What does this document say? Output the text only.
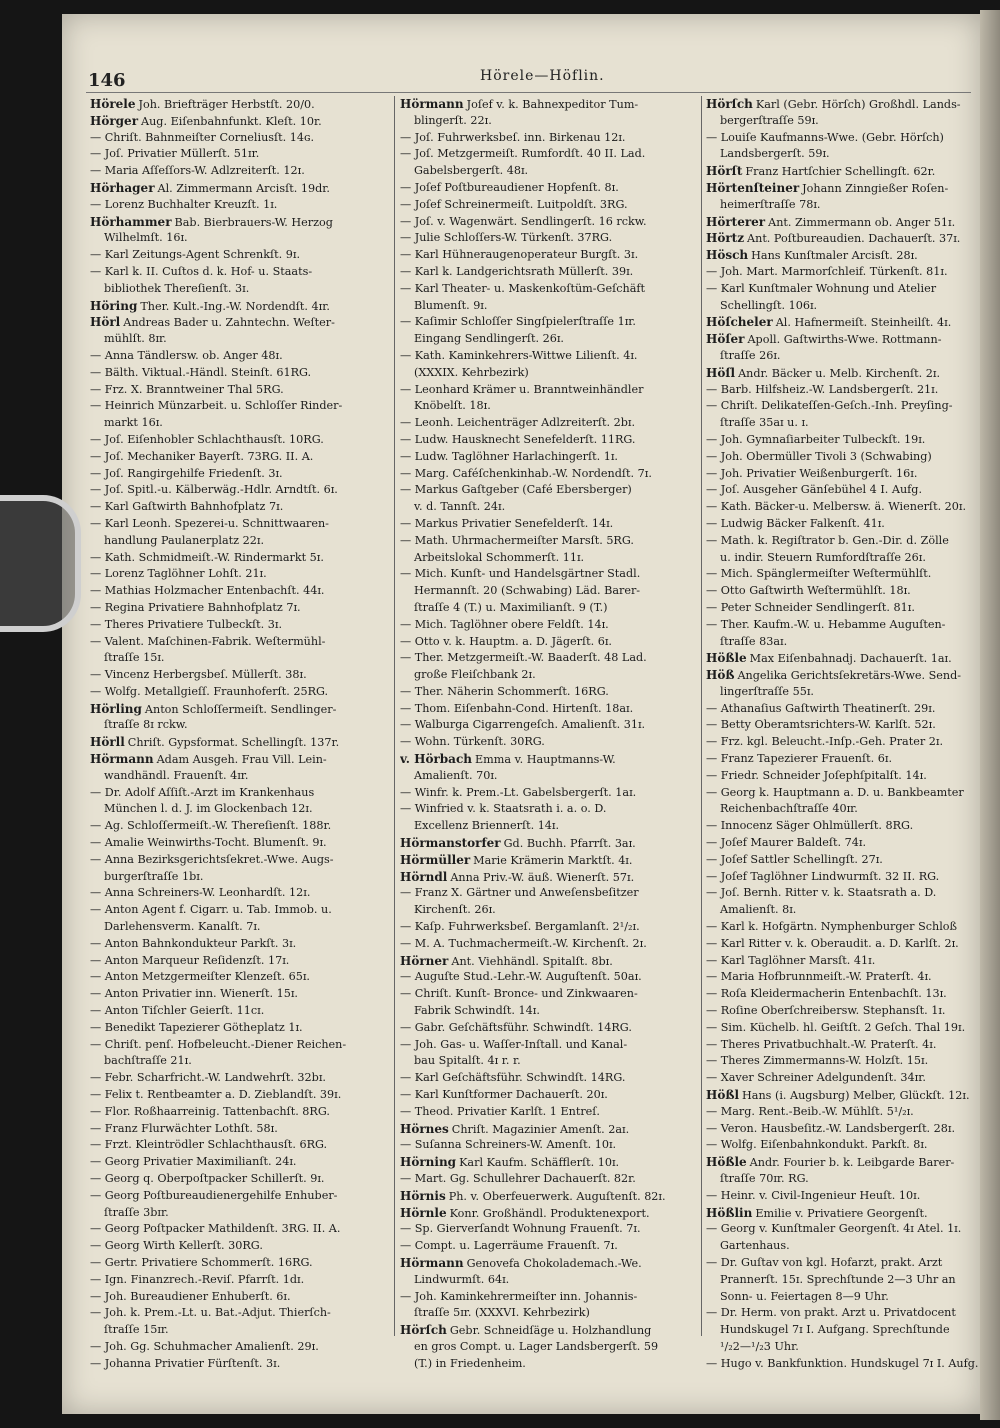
146	Hörele—Höflin.
Hörele Joh. Briefträger Herbstſt. 20/0.
Hörger Aug. Eiſenbahnfunkt. Kleſt. 10r.
— Chriſt. Bahnmeiſter Corneliusſt. 14ɢ.
— Joſ. Privatier Müllerſt. 51ɪr.
— Maria Aſſeſſors-W. Adlzreiterſt. 12ɪ.
Hörhager Al. Zimmermann Arcisſt. 19dr.
— Lorenz Buchhalter Kreuzſt. 1ɪ.
Hörhammer Bab. Bierbrauers-W. Herzog
Wilhelmſt. 16ɪ.
— Karl Zeitungs-Agent Schrenkſt. 9ɪ.
— Karl k. II. Cuſtos d. k. Hof- u. Staats-
bibliothek Thereſienſt. 3ɪ.
Höring Ther. Kult.-Ing.-W. Nordendſt. 4ɪr.
Hörl Andreas Bader u. Zahntechn. Weſter-
mühlſt. 8ɪr.
— Anna Tändlersw. ob. Anger 48ɪ.
— Bälth. Viktual.-Händl. Steinſt. 61RG.
— Frz. X. Branntweiner Thal 5RG.
— Heinrich Münzarbeit. u. Schloſſer Rinder-
markt 16ɪ.
— Joſ. Eiſenhobler Schlachthausſt. 10RG.
— Joſ. Mechaniker Bayerſt. 73RG. II. A.
— Joſ. Rangirgehilfe Friedenſt. 3ɪ.
— Joſ. Spitl.-u. Kälberwäg.-Hdlr. Arndtſt. 6ɪ.
— Karl Gaſtwirth Bahnhofplatz 7ɪ.
— Karl Leonh. Spezerei-u. Schnittwaaren-
handlung Paulanerplatz 22ɪ.
— Kath. Schmidmeiſt.-W. Rindermarkt 5ɪ.
— Lorenz Taglöhner Lohſt. 21ɪ.
— Mathias Holzmacher Entenbachſt. 44ɪ.
— Regina Privatiere Bahnhofplatz 7ɪ.
— Theres Privatiere Tulbeckſt. 3ɪ.
— Valent. Maſchinen-Fabrik. Weſtermühl-
ſtraſſe 15ɪ.
— Vincenz Herbergsbeſ. Müllerſt. 38ɪ.
— Wolfg. Metallgieſſ. Fraunhoferſt. 25RG.
Hörling Anton Schloſſermeiſt. Sendlinger-
ſtraſſe 8ɪ rckw.
Hörll Chriſt. Gypsformat. Schellingſt. 137r.
Hörmann Adam Ausgeh. Frau Vill. Lein-
wandhändl. Frauenſt. 4ɪr.
— Dr. Adolf Aſſiſt.-Arzt im Krankenhaus
München l. d. J. im Glockenbach 12ɪ.
— Ag. Schloſſermeiſt.-W. Thereſienſt. 188r.
— Amalie Weinwirths-Tocht. Blumenſt. 9ɪ.
— Anna Bezirksgerichtsſekret.-Wwe. Augs-
burgerſtraſſe 1bɪ.
— Anna Schreiners-W. Leonhardſt. 12ɪ.
— Anton Agent f. Cigarr. u. Tab. Immob. u.
Darlehensverm. Kanalſt. 7ɪ.
— Anton Bahnkondukteur Parkſt. 3ɪ.
— Anton Marqueur Reſidenzſt. 17ɪ.
— Anton Metzgermeiſter Klenzeſt. 65ɪ.
— Anton Privatier inn. Wienerſt. 15ɪ.
— Anton Tiſchler Geierſt. 11cɪ.
— Benedikt Tapezierer Götheplatz 1ɪ.
— Chriſt. penſ. Hofbeleucht.-Diener Reichen-
bachſtraſſe 21ɪ.
— Febr. Scharfricht.-W. Landwehrſt. 32bɪ.
— Felix t. Rentbeamter a. D. Zieblandſt. 39ɪ.
— Flor. Roßhaarreinig. Tattenbachſt. 8RG.
— Franz Flurwächter Lothſt. 58ɪ.
— Frzt. Kleintrödler Schlachthausſt. 6RG.
— Georg Privatier Maximilianſt. 24ɪ.
— Georg q. Oberpoſtpacker Schillerſt. 9ɪ.
— Georg Poſtbureaudienergehilfe Enhuber-
ſtraſſe 3bɪr.
— Georg Poſtpacker Mathildenſt. 3RG. II. A.
— Georg Wirth Kellerſt. 30RG.
— Gertr. Privatiere Schommerſt. 16RG.
— Ign. Finanzrech.-Reviſ. Pfarrſt. 1dɪ.
— Joh. Bureaudiener Enhuberſt. 6ɪ.
— Joh. k. Prem.-Lt. u. Bat.-Adjut. Thierſch-
ſtraſſe 15ɪr.
— Joh. Gg. Schuhmacher Amalienſt. 29ɪ.
— Johanna Privatier Fürſtenſt. 3ɪ.
Hörmann Joſef v. k. Bahnexpeditor Tum-
blingerſt. 22ɪ.
— Joſ. Fuhrwerksbeſ. inn. Birkenau 12ɪ.
— Joſ. Metzgermeiſt. Rumfordſt. 40 II. Lad.
Gabelsbergerſt. 48ɪ.
— Joſef Poſtbureaudiener Hopfenſt. 8ɪ.
— Joſef Schreinermeiſt. Luitpoldſt. 3RG.
— Joſ. v. Wagenwärt. Sendlingerſt. 16 rckw.
— Julie Schloſſers-W. Türkenſt. 37RG.
— Karl Hühneraugenoperateur Burgſt. 3ɪ.
— Karl k. Landgerichtsrath Müllerſt. 39ɪ.
— Karl Theater- u. Maskenkoſtüm-Geſchäft
Blumenſt. 9ɪ.
— Kaſimir Schloſſer Singſpielerſtraſſe 1ɪr.
Eingang Sendlingerſt. 26ɪ.
— Kath. Kaminkehrers-Wittwe Lilienſt. 4ɪ.
(XXXIX. Kehrbezirk)
— Leonhard Krämer u. Branntweinhändler
Knöbelſt. 18ɪ.
— Leonh. Leichenträger Adlzreiterſt. 2bɪ.
— Ludw. Hausknecht Senefelderſt. 11RG.
— Ludw. Taglöhner Harlachingerſt. 1ɪ.
— Marg. Caféſchenkinhab.-W. Nordendſt. 7ɪ.
— Markus Gaſtgeber (Café Ebersberger)
v. d. Tannſt. 24ɪ.
— Markus Privatier Senefelderſt. 14ɪ.
— Math. Uhrmachermeiſter Marsſt. 5RG.
Arbeitslokal Schommerſt. 11ɪ.
— Mich. Kunſt- und Handelsgärtner Stadl.
Hermannſt. 20 (Schwabing) Läd. Barer-
ſtraſſe 4 (T.) u. Maximilianſt. 9 (T.)
— Mich. Taglöhner obere Feldſt. 14ɪ.
— Otto v. k. Hauptm. a. D. Jägerſt. 6ɪ.
— Ther. Metzgermeiſt.-W. Baaderſt. 48 Lad.
große Fleiſchbank 2ɪ.
— Ther. Näherin Schommerſt. 16RG.
— Thom. Eiſenbahn-Cond. Hirtenſt. 18aɪ.
— Walburga Cigarrengeſch. Amalienſt. 31ɪ.
— Wohn. Türkenſt. 30RG.
v. Hörbach Emma v. Hauptmanns-W.
Amalienſt. 70ɪ.
— Winfr. k. Prem.-Lt. Gabelsbergerſt. 1aɪ.
— Winfried v. k. Staatsrath i. a. o. D.
Excellenz Briennerſt. 14ɪ.
Hörmanstorfer Gd. Buchh. Pfarrſt. 3aɪ.
Hörmüller Marie Krämerin Marktſt. 4ɪ.
Hörndl Anna Priv.-W. äuß. Wienerſt. 57ɪ.
— Franz X. Gärtner und Anweſensbeſitzer
Kirchenſt. 26ɪ.
— Kaſp. Fuhrwerksbeſ. Bergamlanſt. 2¹/₂ɪ.
— M. A. Tuchmachermeiſt.-W. Kirchenſt. 2ɪ.
Hörner Ant. Viehhändl. Spitalſt. 8bɪ.
— Auguſte Stud.-Lehr.-W. Auguſtenſt. 50aɪ.
— Chriſt. Kunſt- Bronce- und Zinkwaaren-
Fabrik Schwindſt. 14ɪ.
— Gabr. Geſchäftsführ. Schwindſt. 14RG.
— Joh. Gas- u. Waſſer-Inſtall. und Kanal-
bau Spitalſt. 4ɪ r. r.
— Karl Geſchäftsführ. Schwindſt. 14RG.
— Karl Kunſtformer Dachauerſt. 20ɪ.
— Theod. Privatier Karlſt. 1 Entreſ.
Hörnes Chriſt. Magazinier Amenſt. 2aɪ.
— Suſanna Schreiners-W. Amenſt. 10ɪ.
Hörning Karl Kaufm. Schäfflerſt. 10ɪ.
— Mart. Gg. Schullehrer Dachauerſt. 82r.
Hörnis Ph. v. Oberfeuerwerk. Auguſtenſt. 82ɪ.
Hörnle Konr. Großhändl. Produktenexport.
— Sp. Gierverſandt Wohnung Frauenſt. 7ɪ.
— Compt. u. Lagerräume Frauenſt. 7ɪ.
Hörmann Genovefa Chokolademach.-We.
Lindwurmſt. 64ɪ.
— Joh. Kaminkehrermeiſter inn. Johannis-
ſtraſſe 5ɪr. (XXXVI. Kehrbezirk)
Hörſch Gebr. Schneidſäge u. Holzhandlung
en gros Compt. u. Lager Landsbergerſt. 59
(T.) in Friedenheim.
Hörſch Karl (Gebr. Hörſch) Großhdl. Lands-
bergerſtraſſe 59ɪ.
— Louiſe Kaufmanns-Wwe. (Gebr. Hörſch)
Landsbergerſt. 59ɪ.
Hörſt Franz Hartſchier Schellingſt. 62r.
Hörtenſteiner Johann Zinngießer Roſen-
heimerſtraſſe 78ɪ.
Hörterer Ant. Zimmermann ob. Anger 51ɪ.
Hörtz Ant. Poſtbureaudien. Dachauerſt. 37ɪ.
Hösch Hans Kunſtmaler Arcisſt. 28ɪ.
— Joh. Mart. Marmorſchleif. Türkenſt. 81ɪ.
— Karl Kunſtmaler Wohnung und Atelier
Schellingſt. 106ɪ.
Höſcheler Al. Hafnermeiſt. Steinheilſt. 4ɪ.
Höſer Apoll. Gaſtwirths-Wwe. Rottmann-
ſtraſſe 26ɪ.
Höſl Andr. Bäcker u. Melb. Kirchenſt. 2ɪ.
— Barb. Hilfsheiz.-W. Landsbergerſt. 21ɪ.
— Chriſt. Delikateſſen-Geſch.-Inh. Preyſing-
ſtraſſe 35aɪ u. ɪ.
— Joh. Gymnaſiarbeiter Tulbeckſt. 19ɪ.
— Joh. Obermüller Tivoli 3 (Schwabing)
— Joh. Privatier Weißenburgerſt. 16ɪ.
— Joſ. Ausgeher Gänſebühel 4 I. Aufg.
— Kath. Bäcker-u. Melbersw. ä. Wienerſt. 20ɪ.
— Ludwig Bäcker Falkenſt. 41ɪ.
— Math. k. Regiſtrator b. Gen.-Dir. d. Zölle
u. indir. Steuern Rumfordſtraſſe 26ɪ.
— Mich. Spänglermeiſter Weſtermühlſt.
— Otto Gaſtwirth Weſtermühlſt. 18ɪ.
— Peter Schneider Sendlingerſt. 81ɪ.
— Ther. Kaufm.-W. u. Hebamme Auguſten-
ſtraſſe 83aɪ.
Hößle Max Eiſenbahnadj. Dachauerſt. 1aɪ.
Höß Angelika Gerichtsſekretärs-Wwe. Send-
lingerſtraſſe 55ɪ.
— Athanaſius Gaſtwirth Theatinerſt. 29ɪ.
— Betty Oberamtsrichters-W. Karlſt. 52ɪ.
— Frz. kgl. Beleucht.-Inſp.-Geh. Prater 2ɪ.
— Franz Tapezierer Frauenſt. 6ɪ.
— Friedr. Schneider Joſephſpitalſt. 14ɪ.
— Georg k. Hauptmann a. D. u. Bankbeamter
Reichenbachſtraſſe 40ɪr.
— Innocenz Säger Ohlmüllerſt. 8RG.
— Joſef Maurer Baldeſt. 74ɪ.
— Joſef Sattler Schellingſt. 27ɪ.
— Joſef Taglöhner Lindwurmſt. 32 II. RG.
— Joſ. Bernh. Ritter v. k. Staatsrath a. D.
Amalienſt. 8ɪ.
— Karl k. Hofgärtn. Nymphenburger Schloß
— Karl Ritter v. k. Oberaudit. a. D. Karlſt. 2ɪ.
— Karl Taglöhner Marsſt. 41ɪ.
— Maria Hofbrunnmeiſt.-W. Praterſt. 4ɪ.
— Roſa Kleidermacherin Entenbachſt. 13ɪ.
— Roſine Oberſchreibersw. Stephansſt. 1ɪ.
— Sim. Küchelb. hl. Geiſtſt. 2 Geſch. Thal 19ɪ.
— Theres Privatbuchhalt.-W. Praterſt. 4ɪ.
— Theres Zimmermanns-W. Holzſt. 15ɪ.
— Xaver Schreiner Adelgundenſt. 34ɪr.
Hößl Hans (i. Augsburg) Melber, Glückſt. 12ɪ.
— Marg. Rent.-Beib.-W. Mühlſt. 5¹/₂ɪ.
— Veron. Hausbeſitz.-W. Landsbergerſt. 28ɪ.
— Wolfg. Eiſenbahnkondukt. Parkſt. 8ɪ.
Hößle Andr. Fourier b. k. Leibgarde Barer-
ſtraſſe 70ɪr. RG.
— Heinr. v. Civil-Ingenieur Heuſt. 10ɪ.
Hößlin Emilie v. Privatiere Georgenſt.
— Georg v. Kunſtmaler Georgenſt. 4ɪ Atel. 1ɪ.
Gartenhaus.
— Dr. Guſtav von kgl. Hofarzt, prakt. Arzt
Prannerſt. 15ɪ. Sprechſtunde 2—3 Uhr an
Sonn- u. Feiertagen 8—9 Uhr.
— Dr. Herm. von prakt. Arzt u. Privatdocent
Hundskugel 7ɪ I. Aufgang. Sprechſtunde
¹/₂2—¹/₂3 Uhr.
— Hugo v. Bankfunktion. Hundskugel 7ɪ I. Aufg.
